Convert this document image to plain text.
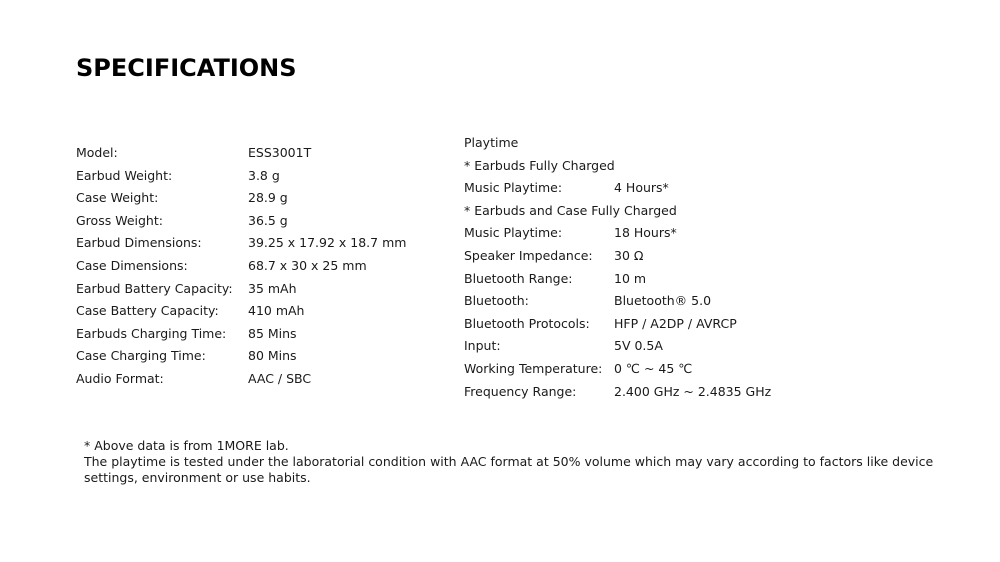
SPECIFICATIONS
Model:	ESS3001T
Earbud Weight:	3.8 g
Case Weight:	28.9 g
Gross Weight:	36.5 g
Earbud Dimensions:	39.25 x 17.92 x 18.7 mm
Case Dimensions:	68.7 x 30 x 25 mm
Earbud Battery Capacity:	35 mAh
Case Battery Capacity:	410 mAh
Earbuds Charging Time:	85 Mins
Case Charging Time:	80 Mins
Audio Format:	AAC / SBC
Playtime
* Earbuds Fully Charged
Music Playtime:	4 Hours*
* Earbuds and Case Fully Charged
Music Playtime:	18 Hours*
Speaker Impedance:	30 Ω
Bluetooth Range:	10 m
Bluetooth:	Bluetooth® 5.0
Bluetooth Protocols:	HFP / A2DP / AVRCP
Input:	5V 0.5A
Working Temperature: 0 ℃ ~ 45 ℃
Frequency Range:	2.400 GHz ~ 2.4835 GHz

* Above data is from 1MORE lab.

The playtime is tested under the laboratorial condition with AAC format at 50% volume which may vary according to factors like device settings, environment or use habits.
